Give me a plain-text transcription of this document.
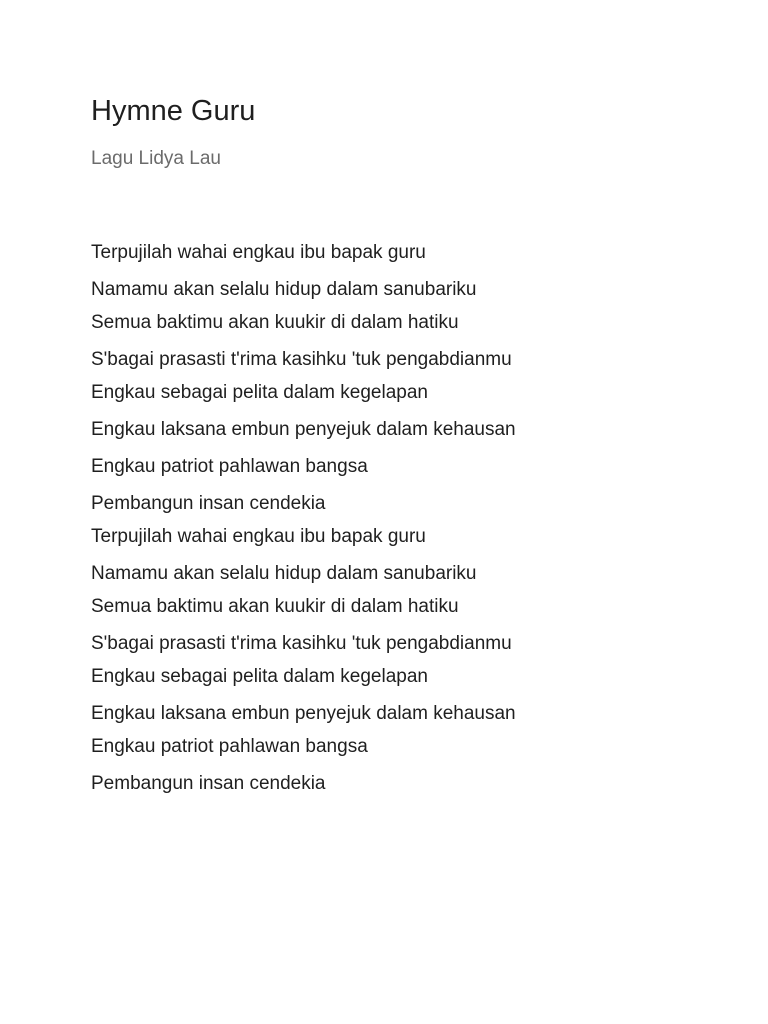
Hymne Guru

Lagu Lidya Lau

Terpujilah wahai engkau ibu bapak guru
Namamu akan selalu hidup dalam sanubariku
Semua baktimu akan kuukir di dalam hatiku
S'bagai prasasti t'rima kasihku 'tuk pengabdianmu
Engkau sebagai pelita dalam kegelapan
Engkau laksana embun penyejuk dalam kehausan
Engkau patriot pahlawan bangsa
Pembangun insan cendekia
Terpujilah wahai engkau ibu bapak guru
Namamu akan selalu hidup dalam sanubariku
Semua baktimu akan kuukir di dalam hatiku
S'bagai prasasti t'rima kasihku 'tuk pengabdianmu
Engkau sebagai pelita dalam kegelapan
Engkau laksana embun penyejuk dalam kehausan
Engkau patriot pahlawan bangsa
Pembangun insan cendekia
